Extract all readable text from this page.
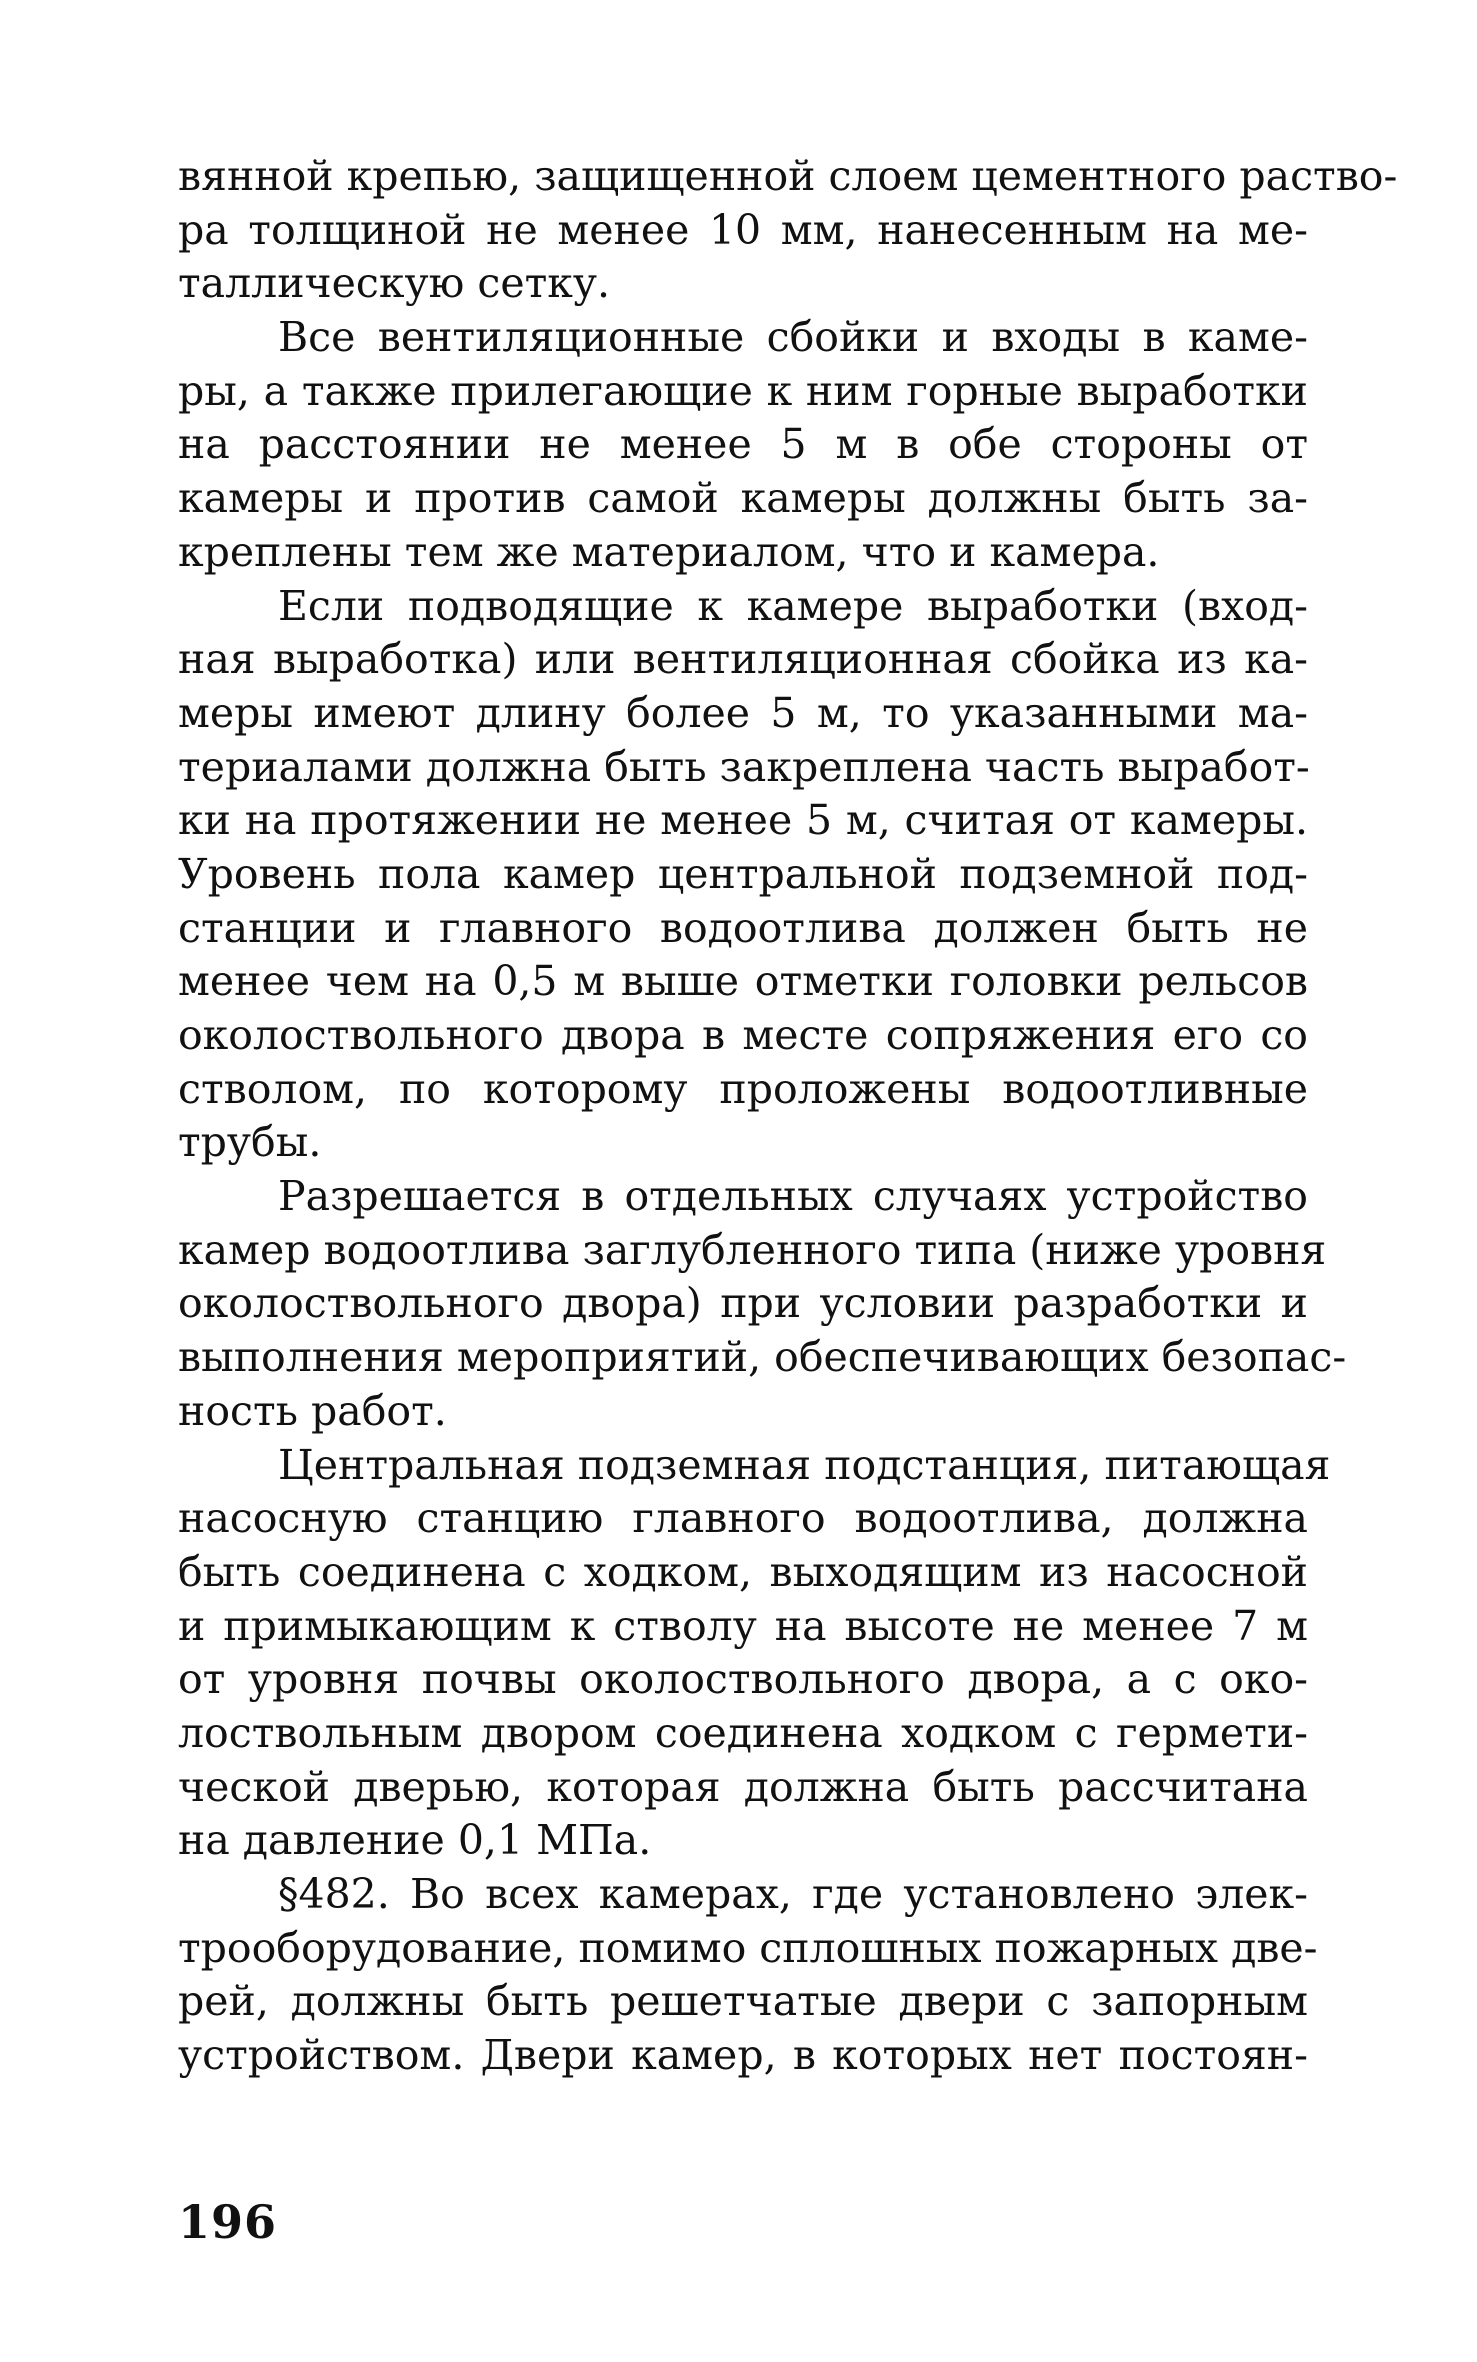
вянной крепью, защищенной слоем цементного раство-
ра толщиной не менее 10 мм, нанесенным на ме-
таллическую сетку.
Все вентиляционные сбойки и входы в каме-
ры, а также прилегающие к ним горные выработки
на расстоянии не менее 5 м в обе стороны от
камеры и против самой камеры должны быть за-
креплены тем же материалом, что и камера.
Если подводящие к камере выработки (вход-
ная выработка) или вентиляционная сбойка из ка-
меры имеют длину более 5 м, то указанными ма-
териалами должна быть закреплена часть выработ-
ки на протяжении не менее 5 м, считая от камеры.
Уровень пола камер центральной подземной под-
станции и главного водоотлива должен быть не
менее чем на 0,5 м выше отметки головки рельсов
околоствольного двора в месте сопряжения его со
стволом, по которому проложены водоотливные
трубы.
Разрешается в отдельных случаях устройство
камер водоотлива заглубленного типа (ниже уровня
околоствольного двора) при условии разработки и
выполнения мероприятий, обеспечивающих безопас-
ность работ.
Центральная подземная подстанция, питающая
насосную станцию главного водоотлива, должна
быть соединена с ходком, выходящим из насосной
и примыкающим к стволу на высоте не менее 7 м
от уровня почвы околоствольного двора, а с око-
лоствольным двором соединена ходком с гермети-
ческой дверью, которая должна быть рассчитана
на давление 0,1 МПа.
§482. Во всех камерах, где установлено элек-
трооборудование, помимо сплошных пожарных две-
рей, должны быть решетчатые двери с запорным
устройством. Двери камер, в которых нет постоян-
196
